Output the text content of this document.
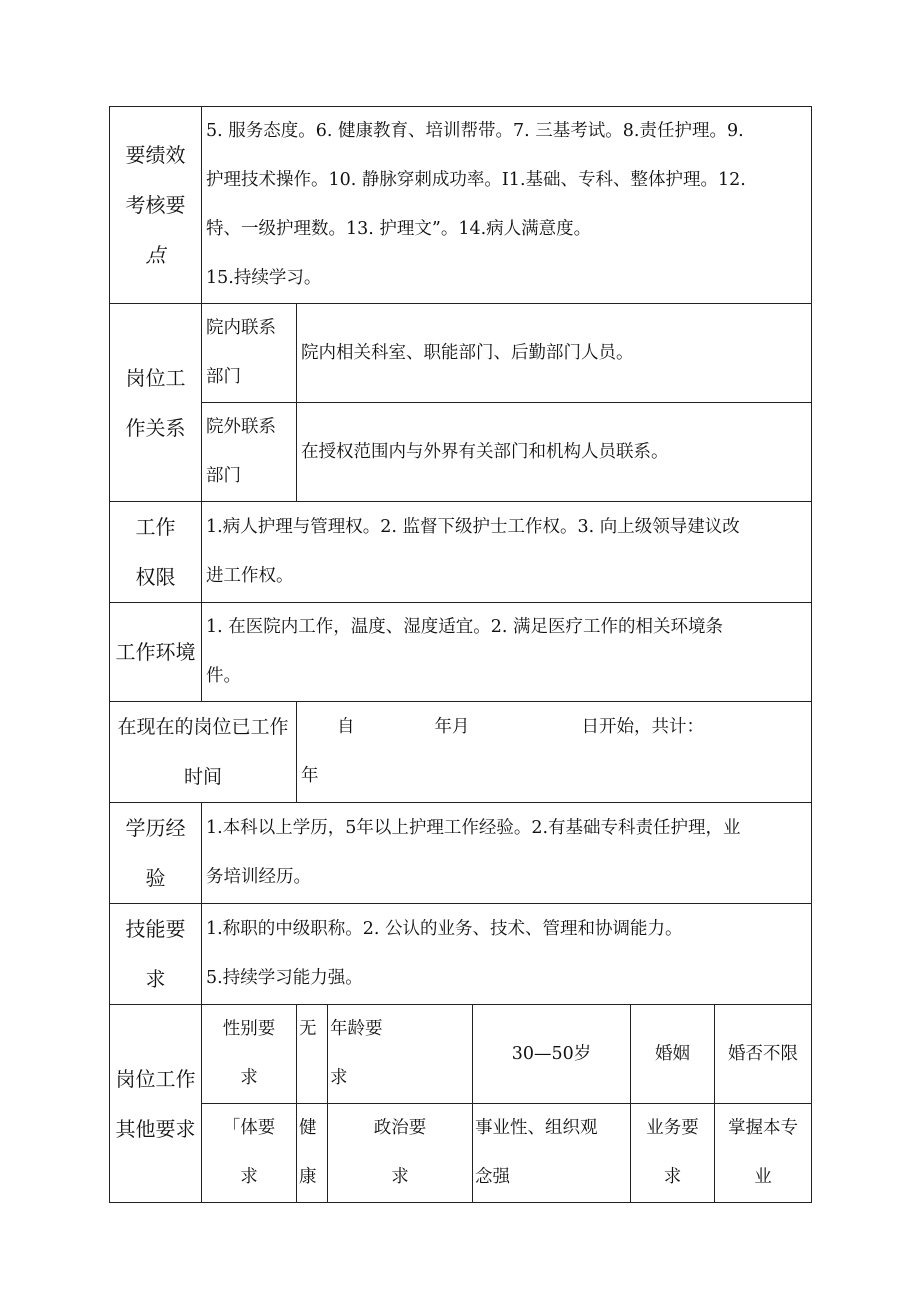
要绩效
考核要
点	5. 服务态度。6. 健康教育、培训帮带。7. 三基考试。8.责任护理。9.
护理技术操作。10. 静脉穿刺成功率。I1.基础、专科、整体护理。12.
特、一级护理数。13. 护理文”。14.病人满意度。
15.持续学习。					

岗位工
作关系	院内联系
部门	院内相关科室、职能部门、后勤部门人员。				

	院外联系
部门	在授权范围内与外界有关部门和机构人员联系。				

工作
权限	1.病人护理与管理权。2. 监督下级护士工作权。3. 向上级领导建议改
进工作权。					

工作环境	1. 在医院内工作，温度、湿度适宜。2. 满足医疗工作的相关环境条
件。					

在现在的岗位已工作
时间		自 年月 日开始，共计：
年				

学历经
验	1.本科以上学历，5年以上护理工作经验。2.有基础专科责任护理，业
务培训经历。					

技能要
求	1.称职的中级职称。2. 公认的业务、技术、管理和协调能力。
5.持续学习能力强。					

岗位工作
其他要求	性别要
求	无	年龄要
求	30—50岁	婚姻	婚否不限

	「体要
求	健
康	政治要
求	事业性、组织观
念强	业务要
求	掌握本专
业
